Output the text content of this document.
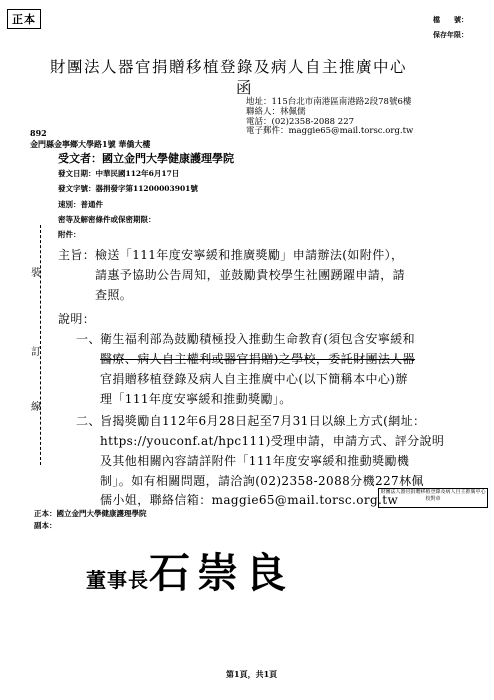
正本	檔　　號：
保存年限：
財團法人器官捐贈移植登錄及病人自主推廣中心
函
地址：115台北市南港區南港路2段78號6樓
聯絡人：林佩儒
電話：(02)2358-2088 227
電子郵件：maggie65@mail.torsc.org.tw
892
金門縣金寧鄉大學路1號 華僑大樓
受文者：國立金門大學健康護理學院
發文日期：中華民國112年6月17日
發文字號：器捐發字第11200003901號
速別：普通件
密等及解密條件或保密期限：
附件：
裝
訂
線
主旨： 檢送「111年度安寧緩和推廣獎勵」申請辦法(如附件），
請惠予協助公告周知，並鼓勵貴校學生社團踴躍申請，請
查照。
說明：
一、 衛生福利部為鼓勵積極投入推動生命教育(須包含安寧緩和
醫療、病人自主權利或器官捐贈)之學校，委託財團法人器
官捐贈移植登錄及病人自主推廣中心(以下簡稱本中心)辦
理「111年度安寧緩和推動獎勵」。
二、 旨揭獎勵自112年6月28日起至7月31日以線上方式(網址：
https://youconf.at/hpc111)受理申請，申請方式、評分說明
及其他相關內容請詳附件「111年度安寧緩和推動獎勵機
制」。如有相關問題，請洽詢(02)2358-2088分機227林佩
儒小姐，聯絡信箱：maggie65@mail.torsc.org.tw
財團法人器官捐贈移植登錄及病人自主推廣中心校對章
正本：國立金門大學健康護理學院
副本：
董事長石崇良
第1頁，共1頁
